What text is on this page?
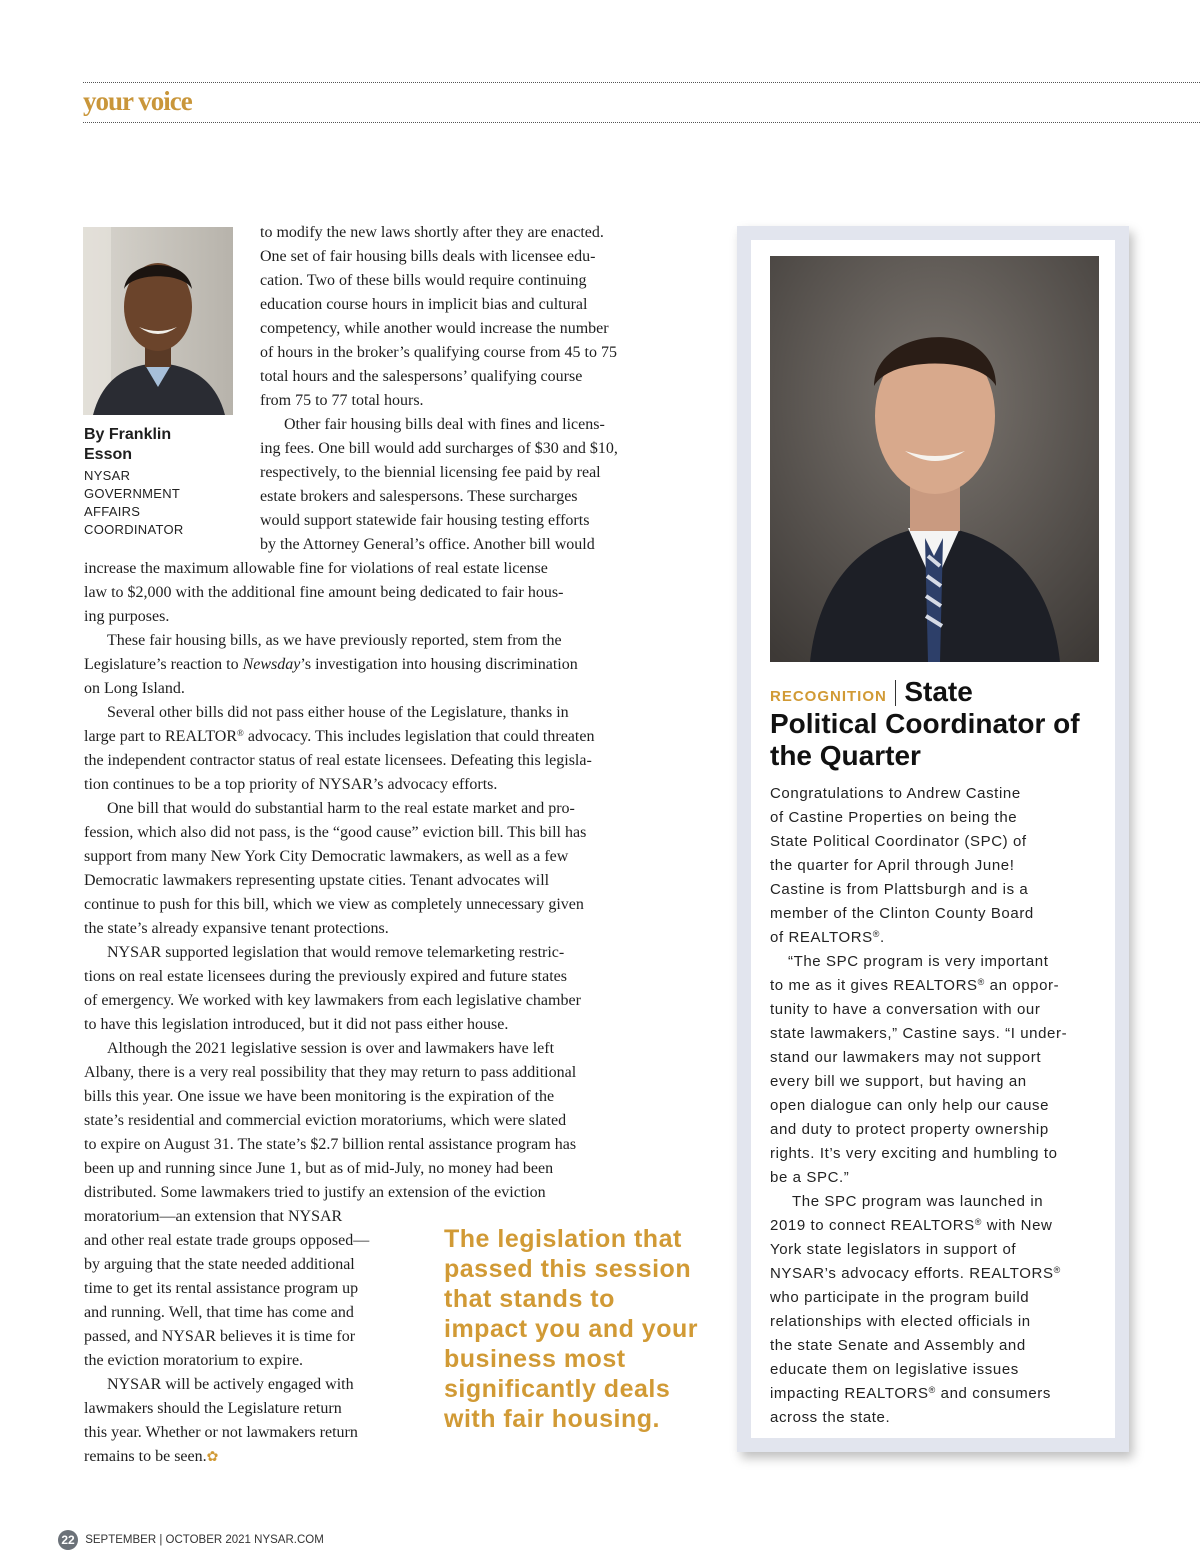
your voice
By Franklin
Esson
NYSAR
GOVERNMENT
AFFAIRS
COORDINATOR
to modify the new laws shortly after they are enacted.
One set of fair housing bills deals with licensee edu-
cation. Two of these bills would require continuing
education course hours in implicit bias and cultural
competency, while another would increase the number
of hours in the broker’s qualifying course from 45 to 75
total hours and the salespersons’ qualifying course
from 75 to 77 total hours.
Other fair housing bills deal with fines and licens-
ing fees. One bill would add surcharges of $30 and $10,
respectively, to the biennial licensing fee paid by real
estate brokers and salespersons. These surcharges
would support statewide fair housing testing efforts
by the Attorney General’s office. Another bill would
increase the maximum allowable fine for violations of real estate license
law to $2,000 with the additional fine amount being dedicated to fair hous-
ing purposes.
These fair housing bills, as we have previously reported, stem from the
Legislature’s reaction to Newsday’s investigation into housing discrimination
on Long Island.
Several other bills did not pass either house of the Legislature, thanks in
large part to REALTOR® advocacy. This includes legislation that could threaten
the independent contractor status of real estate licensees. Defeating this legisla-
tion continues to be a top priority of NYSAR’s advocacy efforts.
One bill that would do substantial harm to the real estate market and pro-
fession, which also did not pass, is the “good cause” eviction bill. This bill has
support from many New York City Democratic lawmakers, as well as a few
Democratic lawmakers representing upstate cities. Tenant advocates will
continue to push for this bill, which we view as completely unnecessary given
the state’s already expansive tenant protections.
NYSAR supported legislation that would remove telemarketing restric-
tions on real estate licensees during the previously expired and future states
of emergency. We worked with key lawmakers from each legislative chamber
to have this legislation introduced, but it did not pass either house.
Although the 2021 legislative session is over and lawmakers have left
Albany, there is a very real possibility that they may return to pass additional
bills this year. One issue we have been monitoring is the expiration of the
state’s residential and commercial eviction moratoriums, which were slated
to expire on August 31. The state’s $2.7 billion rental assistance program has
been up and running since June 1, but as of mid-July, no money had been
distributed. Some lawmakers tried to justify an extension of the eviction
moratorium—an extension that NYSAR
and other real estate trade groups opposed—
by arguing that the state needed additional
time to get its rental assistance program up
and running. Well, that time has come and
passed, and NYSAR believes it is time for
the eviction moratorium to expire.
NYSAR will be actively engaged with
lawmakers should the Legislature return
this year. Whether or not lawmakers return
remains to be seen.✿
The legislation that passed this session that stands to impact you and your business most significantly deals with fair housing.
RECOGNITION State
Political Coordinator of the Quarter
Congratulations to Andrew Castine
of Castine Properties on being the
State Political Coordinator (SPC) of
the quarter for April through June!
Castine is from Plattsburgh and is a
member of the Clinton County Board
of REALTORS®.
“The SPC program is very important
to me as it gives REALTORS® an oppor-
tunity to have a conversation with our
state lawmakers,” Castine says. “I under-
stand our lawmakers may not support
every bill we support, but having an
open dialogue can only help our cause
and duty to protect property ownership
rights. It’s very exciting and humbling to
be a SPC.”
The SPC program was launched in
2019 to connect REALTORS® with New
York state legislators in support of
NYSAR’s advocacy efforts. REALTORS®
who participate in the program build
relationships with elected officials in
the state Senate and Assembly and
educate them on legislative issues
impacting REALTORS® and consumers
across the state.
22 SEPTEMBER | OCTOBER 2021 NYSAR.COM
